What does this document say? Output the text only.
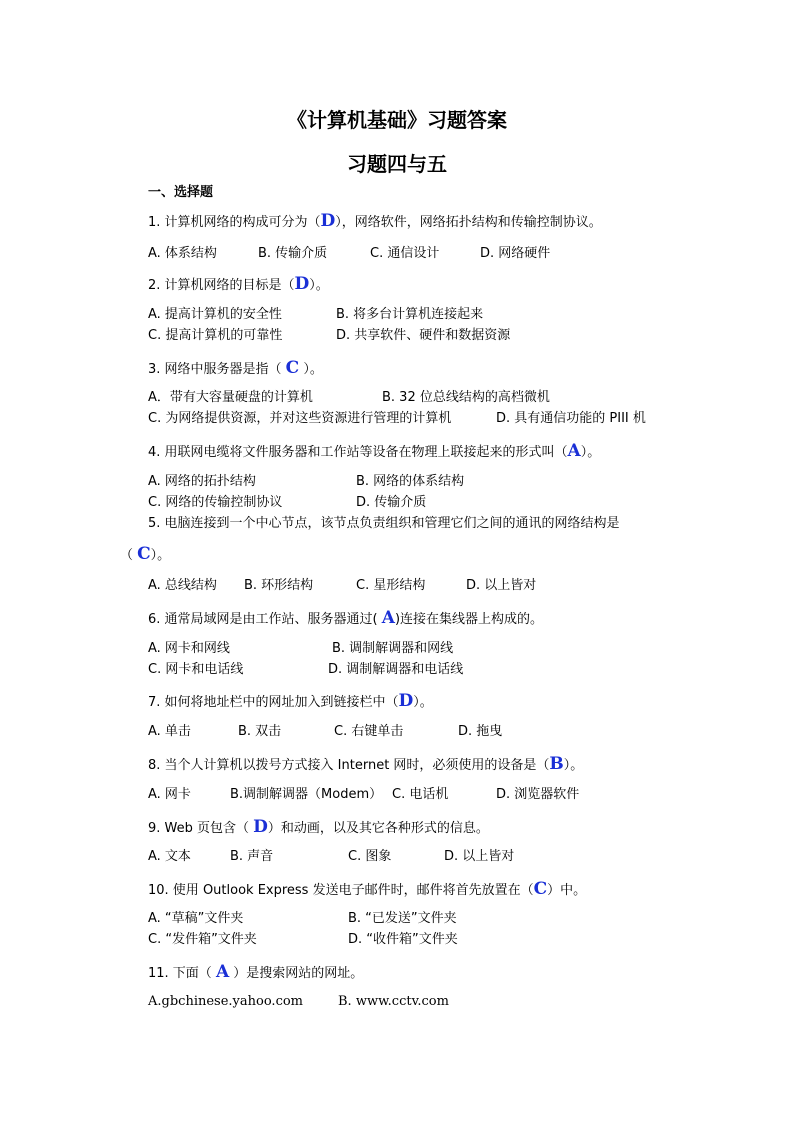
《计算机基础》习题答案
习题四与五
一、选择题
1. 计算机网络的构成可分为（D），网络软件，网络拓扑结构和传输控制协议。
A. 体系结构	B. 传输介质	C. 通信设计	D. 网络硬件
2. 计算机网络的目标是（D）。
A. 提高计算机的安全性	B. 将多台计算机连接起来
C. 提高计算机的可靠性	D. 共享软件、硬件和数据资源
3. 网络中服务器是指（ C ）。
A．带有大容量硬盘的计算机	B. 32 位总线结构的高档微机
C. 为网络提供资源，并对这些资源进行管理的计算机	D. 具有通信功能的 PIII 机
4. 用联网电缆将文件服务器和工作站等设备在物理上联接起来的形式叫（A）。
A. 网络的拓扑结构	B. 网络的体系结构
C. 网络的传输控制协议	D. 传输介质
5. 电脑连接到一个中心节点，该节点负责组织和管理它们之间的通讯的网络结构是
（ C）。
A. 总线结构 B. 环形结构	C. 星形结构	D. 以上皆对
6. 通常局域网是由工作站、服务器通过( A)连接在集线器上构成的。
A. 网卡和网线	B. 调制解调器和网线
C. 网卡和电话线	D. 调制解调器和电话线
7. 如何将地址栏中的网址加入到链接栏中（D）。
A. 单击	B. 双击	C. 右键单击	D. 拖曳
8. 当个人计算机以拨号方式接入 Internet 网时，必须使用的设备是（B）。
A. 网卡	B.调制解调器（Modem） C. 电话机	D. 浏览器软件
9. Web 页包含（ D）和动画，以及其它各种形式的信息。
A. 文本	B. 声音	C. 图象	D. 以上皆对
10. 使用 Outlook Express 发送电子邮件时，邮件将首先放置在（C）中。
A. “草稿”文件夹	B. “已发送”文件夹
C. “发件箱”文件夹	D. “收件箱”文件夹
11. 下面（ A ）是搜索网站的网址。
A.gbchinese.yahoo.com	B. www.cctv.com
